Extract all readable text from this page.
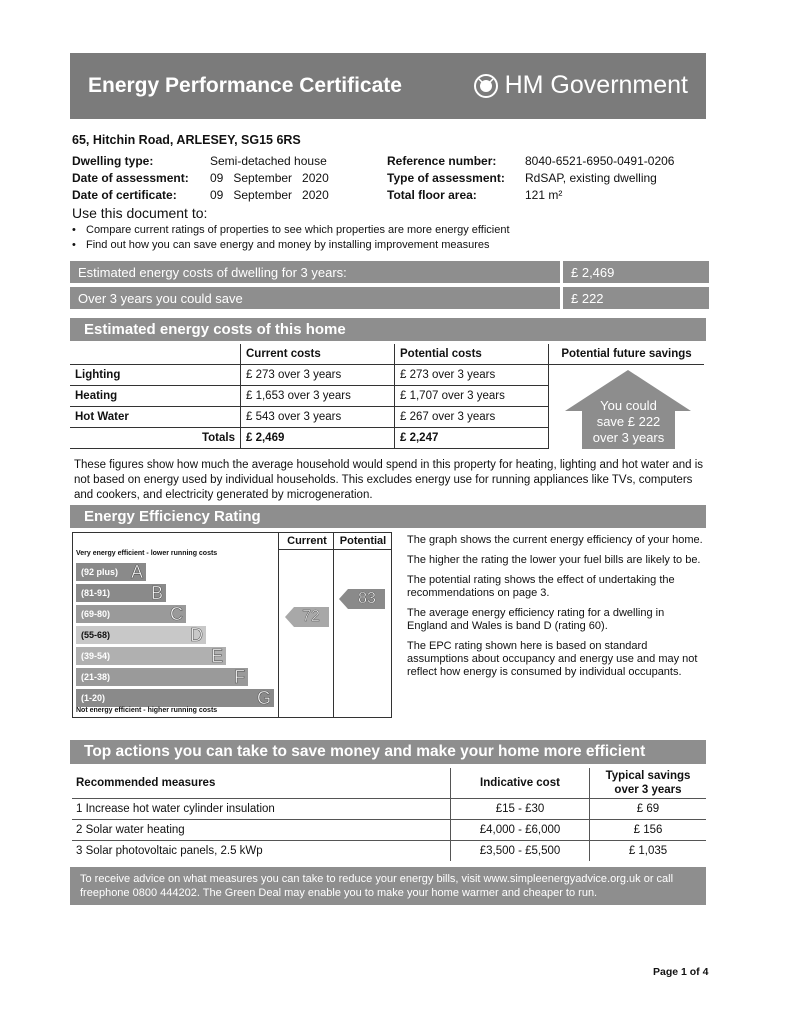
Energy Performance Certificate	HM Government
65, Hitchin Road, ARLESEY, SG15 6RS
Dwelling type:	Semi-detached house
Date of assessment:	09   September   2020
Date of certificate:	09   September   2020
Reference number:	8040-6521-6950-0491-0206
Type of assessment:	RdSAP, existing dwelling
Total floor area:	121 m²
Use this document to:
• Compare current ratings of properties to see which properties are more energy efficient
• Find out how you can save energy and money by installing improvement measures
Estimated energy costs of dwelling for 3 years:	£ 2,469
Over 3 years you could save	£ 222
Estimated energy costs of this home
	Current costs	Potential costs	Potential future savings
Lighting	£ 273 over 3 years	£ 273 over 3 years	
Heating	£ 1,653 over 3 years	£ 1,707 over 3 years	
Hot Water	£ 543 over 3 years	£ 267 over 3 years	
Totals	£ 2,469	£ 2,247	
You could
save £ 222
over 3 years
These figures show how much the average household would spend in this property for heating, lighting and hot water and is not based on energy used by individual households. This excludes energy use for running appliances like TVs, computers and cookers, and electricity generated by microgeneration.
Energy Efficiency Rating
Current	Potential
Very energy efficient - lower running costs
(92 plus) A
(81-91) B
(69-80)	C
(55-68)	D
(39-54)	E
(21-38)	F
(1-20)	G
Not energy efficient - higher running costs
72
83

The graph shows the current energy efficiency of your home.

The higher the rating the lower your fuel bills are likely to be.

The potential rating shows the effect of undertaking the recommendations on page 3.

The average energy efficiency rating for a dwelling in England and Wales is band D (rating 60).

The EPC rating shown here is based on standard assumptions about occupancy and energy use and may not reflect how energy is consumed by individual occupants.

Top actions you can take to save money and make your home more efficient
Recommended measures	Indicative cost	Typical savings over 3 years
1 Increase hot water cylinder insulation	£15 - £30	£ 69
2 Solar water heating	£4,000 - £6,000	£ 156
3 Solar photovoltaic panels, 2.5 kWp	£3,500 - £5,500	£ 1,035
To receive advice on what measures you can take to reduce your energy bills, visit www.simpleenergyadvice.org.uk or call freephone 0800 444202. The Green Deal may enable you to make your home warmer and cheaper to run.
Page 1 of 4
